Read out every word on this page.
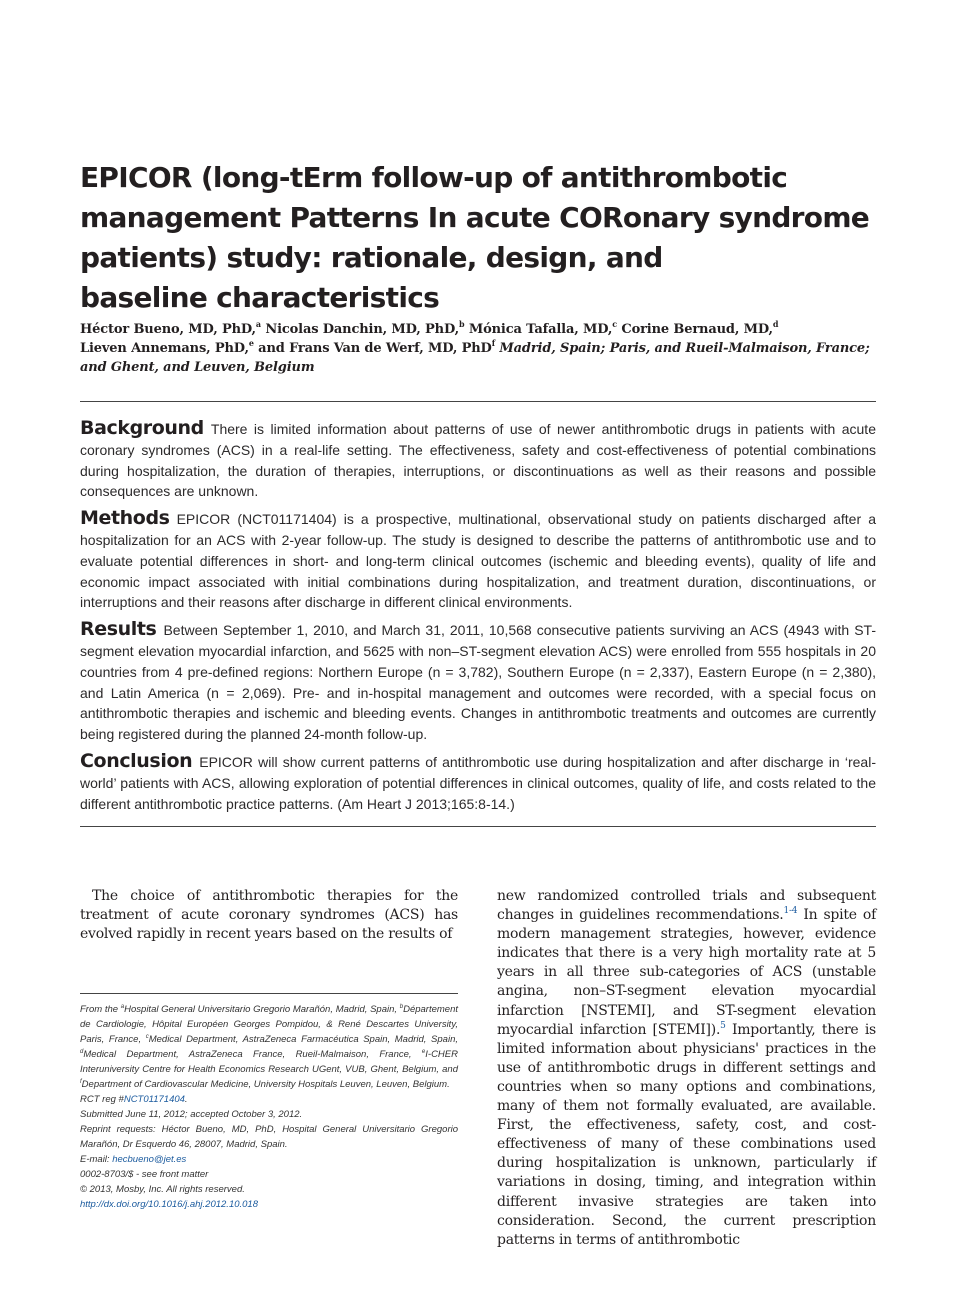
EPICOR (long-tErm follow-up of antithrombotic
management Patterns In acute CORonary syndrome
patients) study: rationale, design, and
baseline characteristics
Héctor Bueno, MD, PhD,$^a$ Nicolas Danchin, MD, PhD,$^b$ Mónica Tafalla, MD,$^c$ Corine Bernaud, MD,$^d$
Lieven Annemans, PhD,$^e$ and Frans Van de Werf, MD, PhD$^f$ Madrid, Spain; Paris, and Rueil-Malmaison, France;
and Ghent, and Leuven, Belgium

Background There is limited information about patterns of use of newer antithrombotic drugs in patients with acute coronary syndromes (ACS) in a real-life setting. The effectiveness, safety and cost-effectiveness of potential combinations during hospitalization, the duration of therapies, interruptions, or discontinuations as well as their reasons and possible consequences are unknown.

Methods EPICOR (NCT01171404) is a prospective, multinational, observational study on patients discharged after a hospitalization for an ACS with 2-year follow-up. The study is designed to describe the patterns of antithrombotic use and to evaluate potential differences in short- and long-term clinical outcomes (ischemic and bleeding events), quality of life and economic impact associated with initial combinations during hospitalization, and treatment duration, discontinuations, or interruptions and their reasons after discharge in different clinical environments.

Results Between September 1, 2010, and March 31, 2011, 10,568 consecutive patients surviving an ACS (4943 with ST-segment elevation myocardial infarction, and 5625 with non–ST-segment elevation ACS) were enrolled from 555 hospitals in 20 countries from 4 pre-defined regions: Northern Europe (n = 3,782), Southern Europe (n = 2,337), Eastern Europe (n = 2,380), and Latin America (n = 2,069). Pre- and in-hospital management and outcomes were recorded, with a special focus on antithrombotic therapies and ischemic and bleeding events. Changes in antithrombotic treatments and outcomes are currently being registered during the planned 24-month follow-up.

Conclusion EPICOR will show current patterns of antithrombotic use during hospitalization and after discharge in ‘real-world’ patients with ACS, allowing exploration of potential differences in clinical outcomes, quality of life, and costs related to the different antithrombotic practice patterns. (Am Heart J 2013;165:8-14.)

The choice of antithrombotic therapies for the treatment of acute coronary syndromes (ACS) has evolved rapidly in recent years based on the results of

From the $^a$Hospital General Universitario Gregorio Marañón, Madrid, Spain, $^b$Département de Cardiologie, Hôpital Européen Georges Pompidou, & René Descartes University, Paris, France, $^c$Medical Department, AstraZeneca Farmacéutica Spain, Madrid, Spain, $^d$Medical Department, AstraZeneca France, Rueil-Malmaison, France, $^e$I-CHER Interuniversity Centre for Health Economics Research UGent, VUB, Ghent, Belgium, and $^f$Department of Cardiovascular Medicine, University Hospitals Leuven, Leuven, Belgium.

RCT reg #NCT01171404.
Submitted June 11, 2012; accepted October 3, 2012.

Reprint requests: Héctor Bueno, MD, PhD, Hospital General Universitario Gregorio Marañón, Dr Esquerdo 46, 28007, Madrid, Spain.

E-mail: hecbueno@jet.es
0002-8703/$ - see front matter
© 2013, Mosby, Inc. All rights reserved.
http://dx.doi.org/10.1016/j.ahj.2012.10.018

new randomized controlled trials and subsequent changes in guidelines recommendations.$^{1-4}$ In spite of modern management strategies, however, evidence indicates that there is a very high mortality rate at 5 years in all three sub-categories of ACS (unstable angina, non–ST-segment elevation myocardial infarction [NSTEMI], and ST-segment elevation myocardial infarction [STEMI]).$^5$ Importantly, there is limited information about physicians' practices in the use of antithrombotic drugs in different settings and countries when so many options and combinations, many of them not formally evaluated, are available. First, the effectiveness, safety, cost, and cost-effectiveness of many of these combinations used during hospitalization is unknown, particularly if variations in dosing, timing, and integration within different invasive strategies are taken into consideration. Second, the current prescription patterns in terms of antithrombotic
